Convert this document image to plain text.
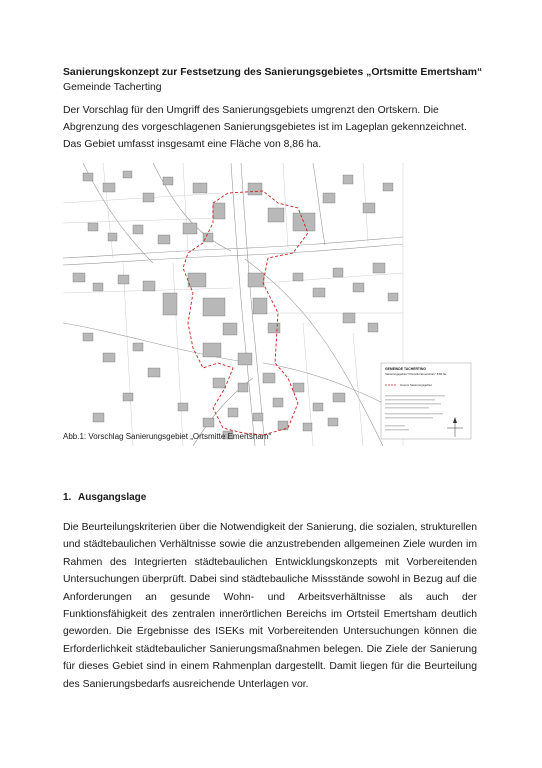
Sanierungskonzept zur Festsetzung des Sanierungsgebietes „Ortsmitte Emertsham“
Gemeinde Tacherting
Der Vorschlag für den Umgriff des Sanierungsgebiets umgrenzt den Ortskern. Die Abgrenzung des vorgeschlagenen Sanierungsgebietes ist im Lageplan gekennzeichnet. Das Gebiet umfasst insgesamt eine Fläche von 8,86 ha.
GEMEINDE TACHERTING
Sanierungsgebiet "Ortsmitte Emertsham" 8,86 ha
Grenze Sanierungsgebiet
Abb.1: Vorschlag Sanierungsgebiet „Ortsmitte Emertsham“
1. Ausgangslage
Die Beurteilungskriterien über die Notwendigkeit der Sanierung, die sozialen, strukturellen und städtebaulichen Verhältnisse sowie die anzustrebenden allgemeinen Ziele wurden im Rahmen des Integrierten städtebaulichen Entwicklungskonzepts mit Vorbereitenden Untersuchungen überprüft. Dabei sind städtebauliche Missstände sowohl in Bezug auf die Anforderungen an gesunde Wohn- und Arbeitsverhältnisse als auch der Funktionsfähigkeit des zentralen innerörtlichen Bereichs im Ortsteil Emertsham deutlich geworden. Die Ergebnisse des ISEKs mit Vorbereitenden Untersuchungen können die Erforderlichkeit städtebaulicher Sanierungsmaßnahmen belegen. Die Ziele der Sanierung für dieses Gebiet sind in einem Rahmenplan dargestellt. Damit liegen für die Beurteilung des Sanierungsbedarfs ausreichende Unterlagen vor.
